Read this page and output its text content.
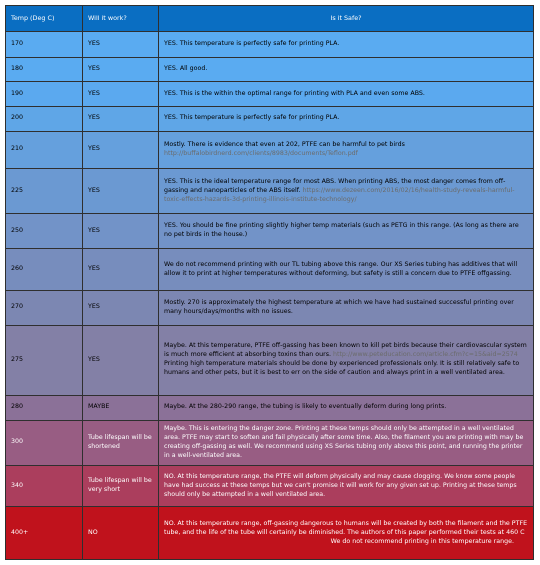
Temp (Deg C)	Will it work?	Is it Safe?
170	YES	YES. This temperature is perfectly safe for printing PLA.
180	YES	YES. All good.
190	YES	YES. This is the within the optimal range for printing with PLA and even some ABS.
200	YES	YES. This temperature is perfectly safe for printing PLA.
210	YES	Mostly. There is evidence that even at 202, PTFE can be harmful to pet birds http://buffalobirdnerd.com/clients/8983/documents/Teflon.pdf
225	YES	YES. This is the ideal temperature range for most ABS. When printing ABS, the most danger comes from off-gassing and nanoparticles of the ABS itself. https://www.dezeen.com/2016/02/16/health-study-reveals-harmful-toxic-effects-hazards-3d-printing-illinois-institute-technology/
250	YES	YES. You should be fine printing slightly higher temp materials (such as PETG in this range. (As long as there are no pet birds in the house.)
260	YES	We do not recommend printing with our TL tubing above this range. Our XS Series tubing has additives that will allow it to print at higher temperatures without deforming, but safety is still a concern due to PTFE offgassing.
270	YES	Mostly. 270 is approximately the highest temperature at which we have had sustained successful printing over many hours/days/months with no issues.
275	YES	Maybe. At this temperature, PTFE off-gassing has been known to kill pet birds because their cardiovascular system is much more efficient at absorbing toxins than ours. http://www.peteducation.com/article.cfm?c=15&aid=2574 Printing high temperature materials should be done by experienced professionals only. It is still relatively safe to humans and other pets, but it is best to err on the side of caution and always print in a well ventilated area.
280	MAYBE	Maybe. At the 280-290 range, the tubing is likely to eventually deform during long prints.
300	Tube lifespan will be shortened	Maybe. This is entering the danger zone. Printing at these temps should only be attempted in a well ventilated area. PTFE may start to soften and fail physically after some time. Also, the filament you are printing with may be creating off-gassing as well. We recommend using XS Series tubing only above this point, and running the printer in a well-ventilated area.
340	Tube lifespan will be very short	NO. At this temperature range, the PTFE will deform physically and may cause clogging. We know some people have had success at these temps but we can't promise it will work for any given set up. Printing at these temps should only be attempted in a well ventilated area.
400+	NO	NO. At this temperature range, off-gassing dangerous to humans will be created by both the filament and the PTFE tube, and the life of the tube will certainly be diminished. The authors of this paper performed their tests at 460 C

We do not recommend printing in this temperature range.
